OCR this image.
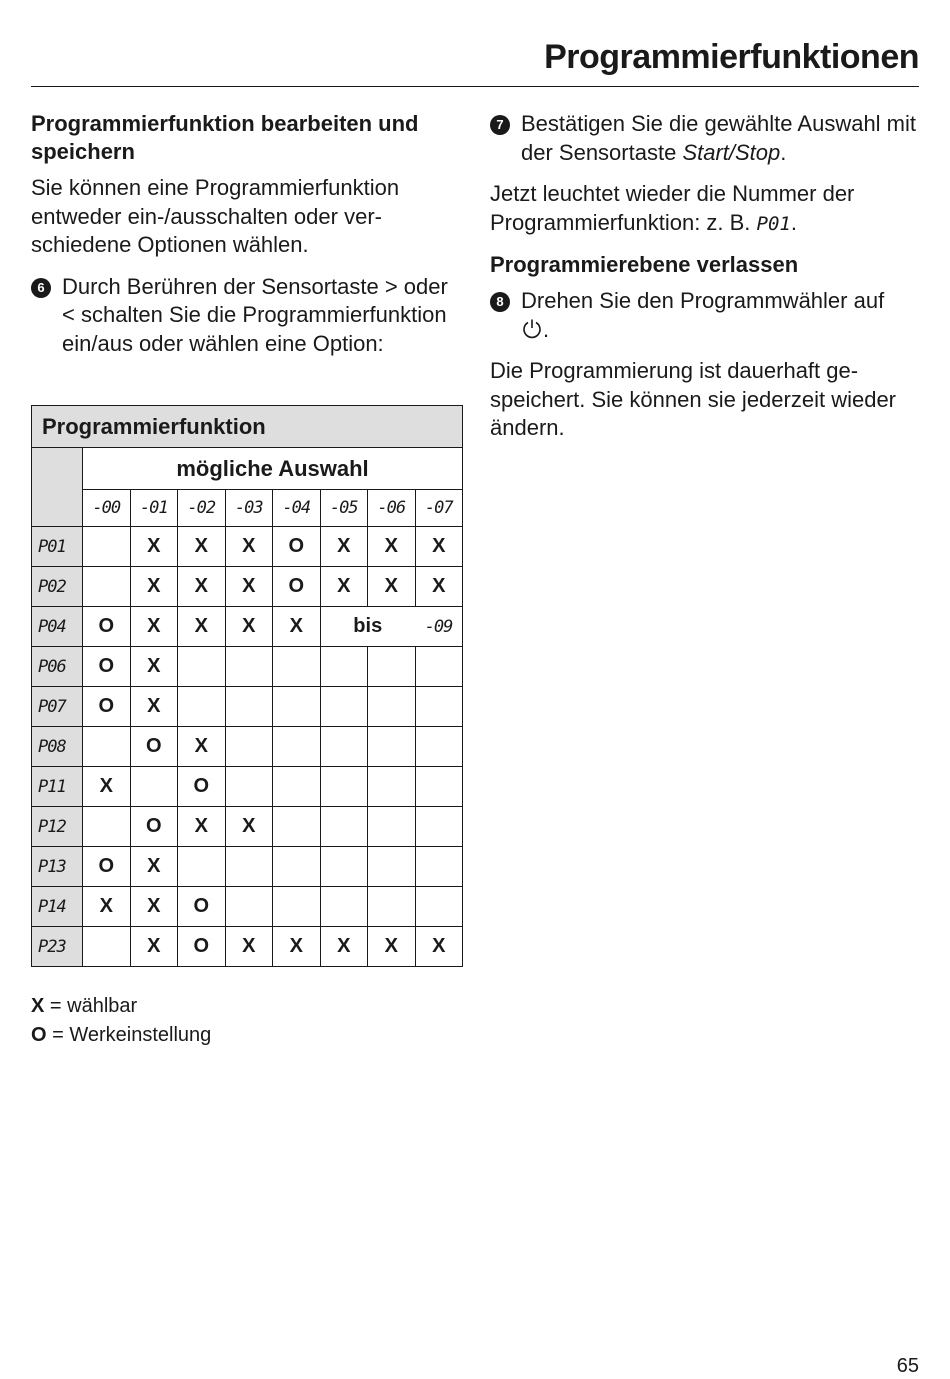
Programmierfunktionen
Programmierfunktion bearbeiten und speichern

Sie können eine Programmierfunktion entweder ein-/ausschalten oder verschiedene Optionen wählen.

6 Durch Berühren der Sensortaste > oder < schalten Sie die Programmierfunktion ein/aus oder wählen eine Option:

Programmierfunktion								
	mögliche Auswahl							
	-00	-01	-02	-03	-04	-05	-06	-07
P01		X	X	X	O	X	X	X
P02		X	X	X	O	X	X	X
P04	O	X	X	X	X	bis		-09
P06	O	X						
P07	O	X						
P08		O	X					
P11	X		O					
P12		O	X	X				
P13	O	X						
P14	X	X	O					
P23		X	O	X	X	X	X	X
X = wählbar
O = Werkeinstellung

7 Bestätigen Sie die gewählte Auswahl mit der Sensortaste Start/Stop.

Jetzt leuchtet wieder die Nummer der Programmierfunktion: z. B. P01.

Programmierebene verlassen

8 Drehen Sie den Programmwähler auf
.

Die Programmierung ist dauerhaft gespeichert. Sie können sie jederzeit wieder ändern.

65
